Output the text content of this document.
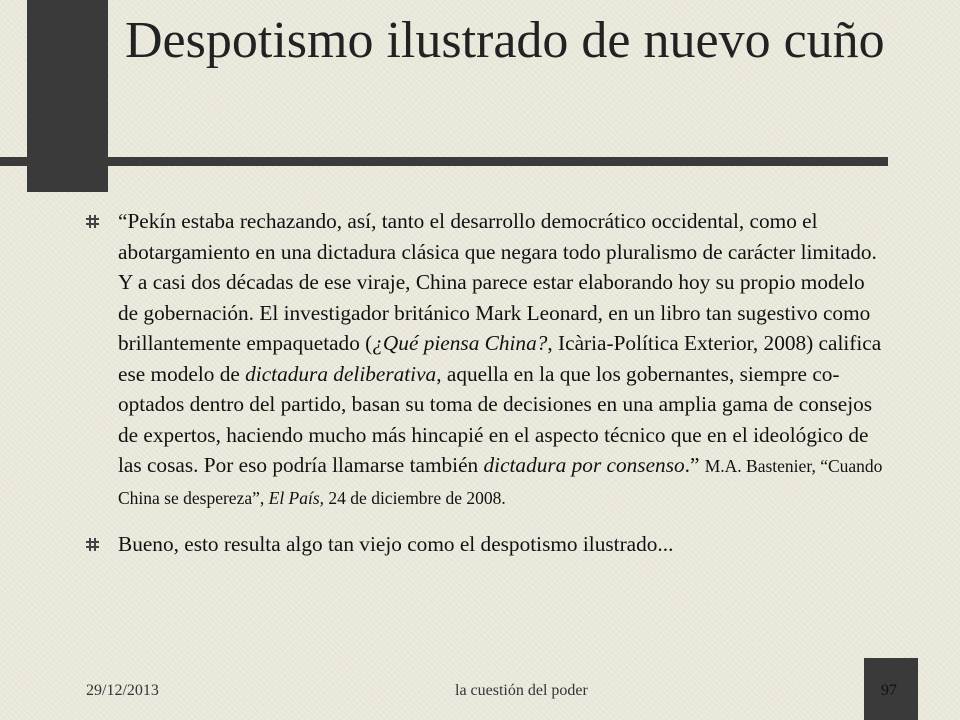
Despotismo ilustrado de nuevo cuño
“Pekín estaba rechazando, así, tanto el desarrollo democrático occidental, como el abotargamiento en una dictadura clásica que negara todo pluralismo de carácter limitado. Y a casi dos décadas de ese viraje, China parece estar elaborando hoy su propio modelo de gobernación. El investigador británico Mark Leonard, en un libro tan sugestivo como brillantemente empaquetado (¿Qué piensa China?, Icària-Política Exterior, 2008) califica ese modelo de dictadura deliberativa, aquella en la que los gobernantes, siempre co-optados dentro del partido, basan su toma de decisiones en una amplia gama de consejos de expertos, haciendo mucho más hincapié en el aspecto técnico que en el ideológico de las cosas. Por eso podría llamarse también dictadura por consenso.” M.A. Bastenier, “Cuando China se despereza”, El País, 24 de diciembre de 2008.
Bueno, esto resulta algo tan viejo como el despotismo ilustrado...
29/12/2013	la cuestión del poder	97
